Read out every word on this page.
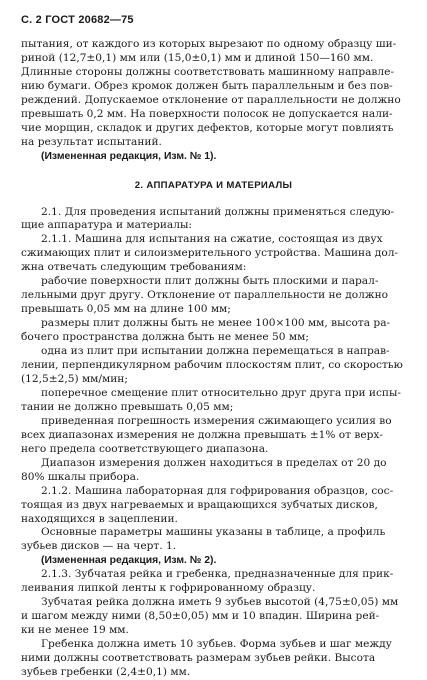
С. 2 ГОСТ 20682—75
пытания, от каждого из которых вырезают по одному образцу ши-
риной (12,7±0,1) мм или (15,0±0,1) мм и длиной 150—160 мм.
Длинные стороны должны соответствовать машинному направле-
нию бумаги. Обрез кромок должен быть параллельным и без пов-
реждений. Допускаемое отклонение от параллельности не должно
превышать 0,2 мм. На поверхности полосок не допускается нали-
чие морщин, складок и других дефектов, которые могут повлиять
на результат испытаний.
(Измененная редакция, Изм. № 1).
2. АППАРАТУРА И МАТЕРИАЛЫ
2.1. Для проведения испытаний должны применяться следую-
щие аппаратура и материалы:
2.1.1. Машина для испытания на сжатие, состоящая из двух
сжимающих плит и силоизмерительного устройства. Машина дол-
жна отвечать следующим требованиям:
рабочие поверхности плит должны быть плоскими и парал-
лельными друг другу. Отклонение от параллельности не должно
превышать 0,05 мм на длине 100 мм;
размеры плит должны быть не менее 100×100 мм, высота ра-
бочего пространства должна быть не менее 50 мм;
одна из плит при испытании должна перемещаться в направ-
лении, перпендикулярном рабочим плоскостям плит, со скоростью
(12,5±2,5) мм/мин;
поперечное смещение плит относительно друг друга при испы-
тании не должно превышать 0,05 мм;
приведенная погрешность измерения сжимающего усилия во
всех диапазонах измерения не должна превышать ±1% от верх-
него предела соответствующего диапазона.
Диапазон измерения должен находиться в пределах от 20 до
80% шкалы прибора.
2.1.2. Машина лабораторная для гофрирования образцов, сос-
тоящая из двух нагреваемых и вращающихся зубчатых дисков,
находящихся в зацеплении.
Основные параметры машины указаны в таблице, а профиль
зубьев дисков — на черт. 1.
(Измененная редакция, Изм. № 2).
2.1.3. Зубчатая рейка и гребенка, предназначенные для прик-
леивания липкой ленты к гофрированному образцу.
Зубчатая рейка должна иметь 9 зубьев высотой (4,75±0,05) мм
и шагом между ними (8,50±0,05) мм и 10 впадин. Ширина рей-
ки не менее 19 мм.
Гребенка должна иметь 10 зубьев. Форма зубьев и шаг между
ними должны соответствовать размерам зубьев рейки. Высота
зубьев гребенки (2,4±0,1) мм.
